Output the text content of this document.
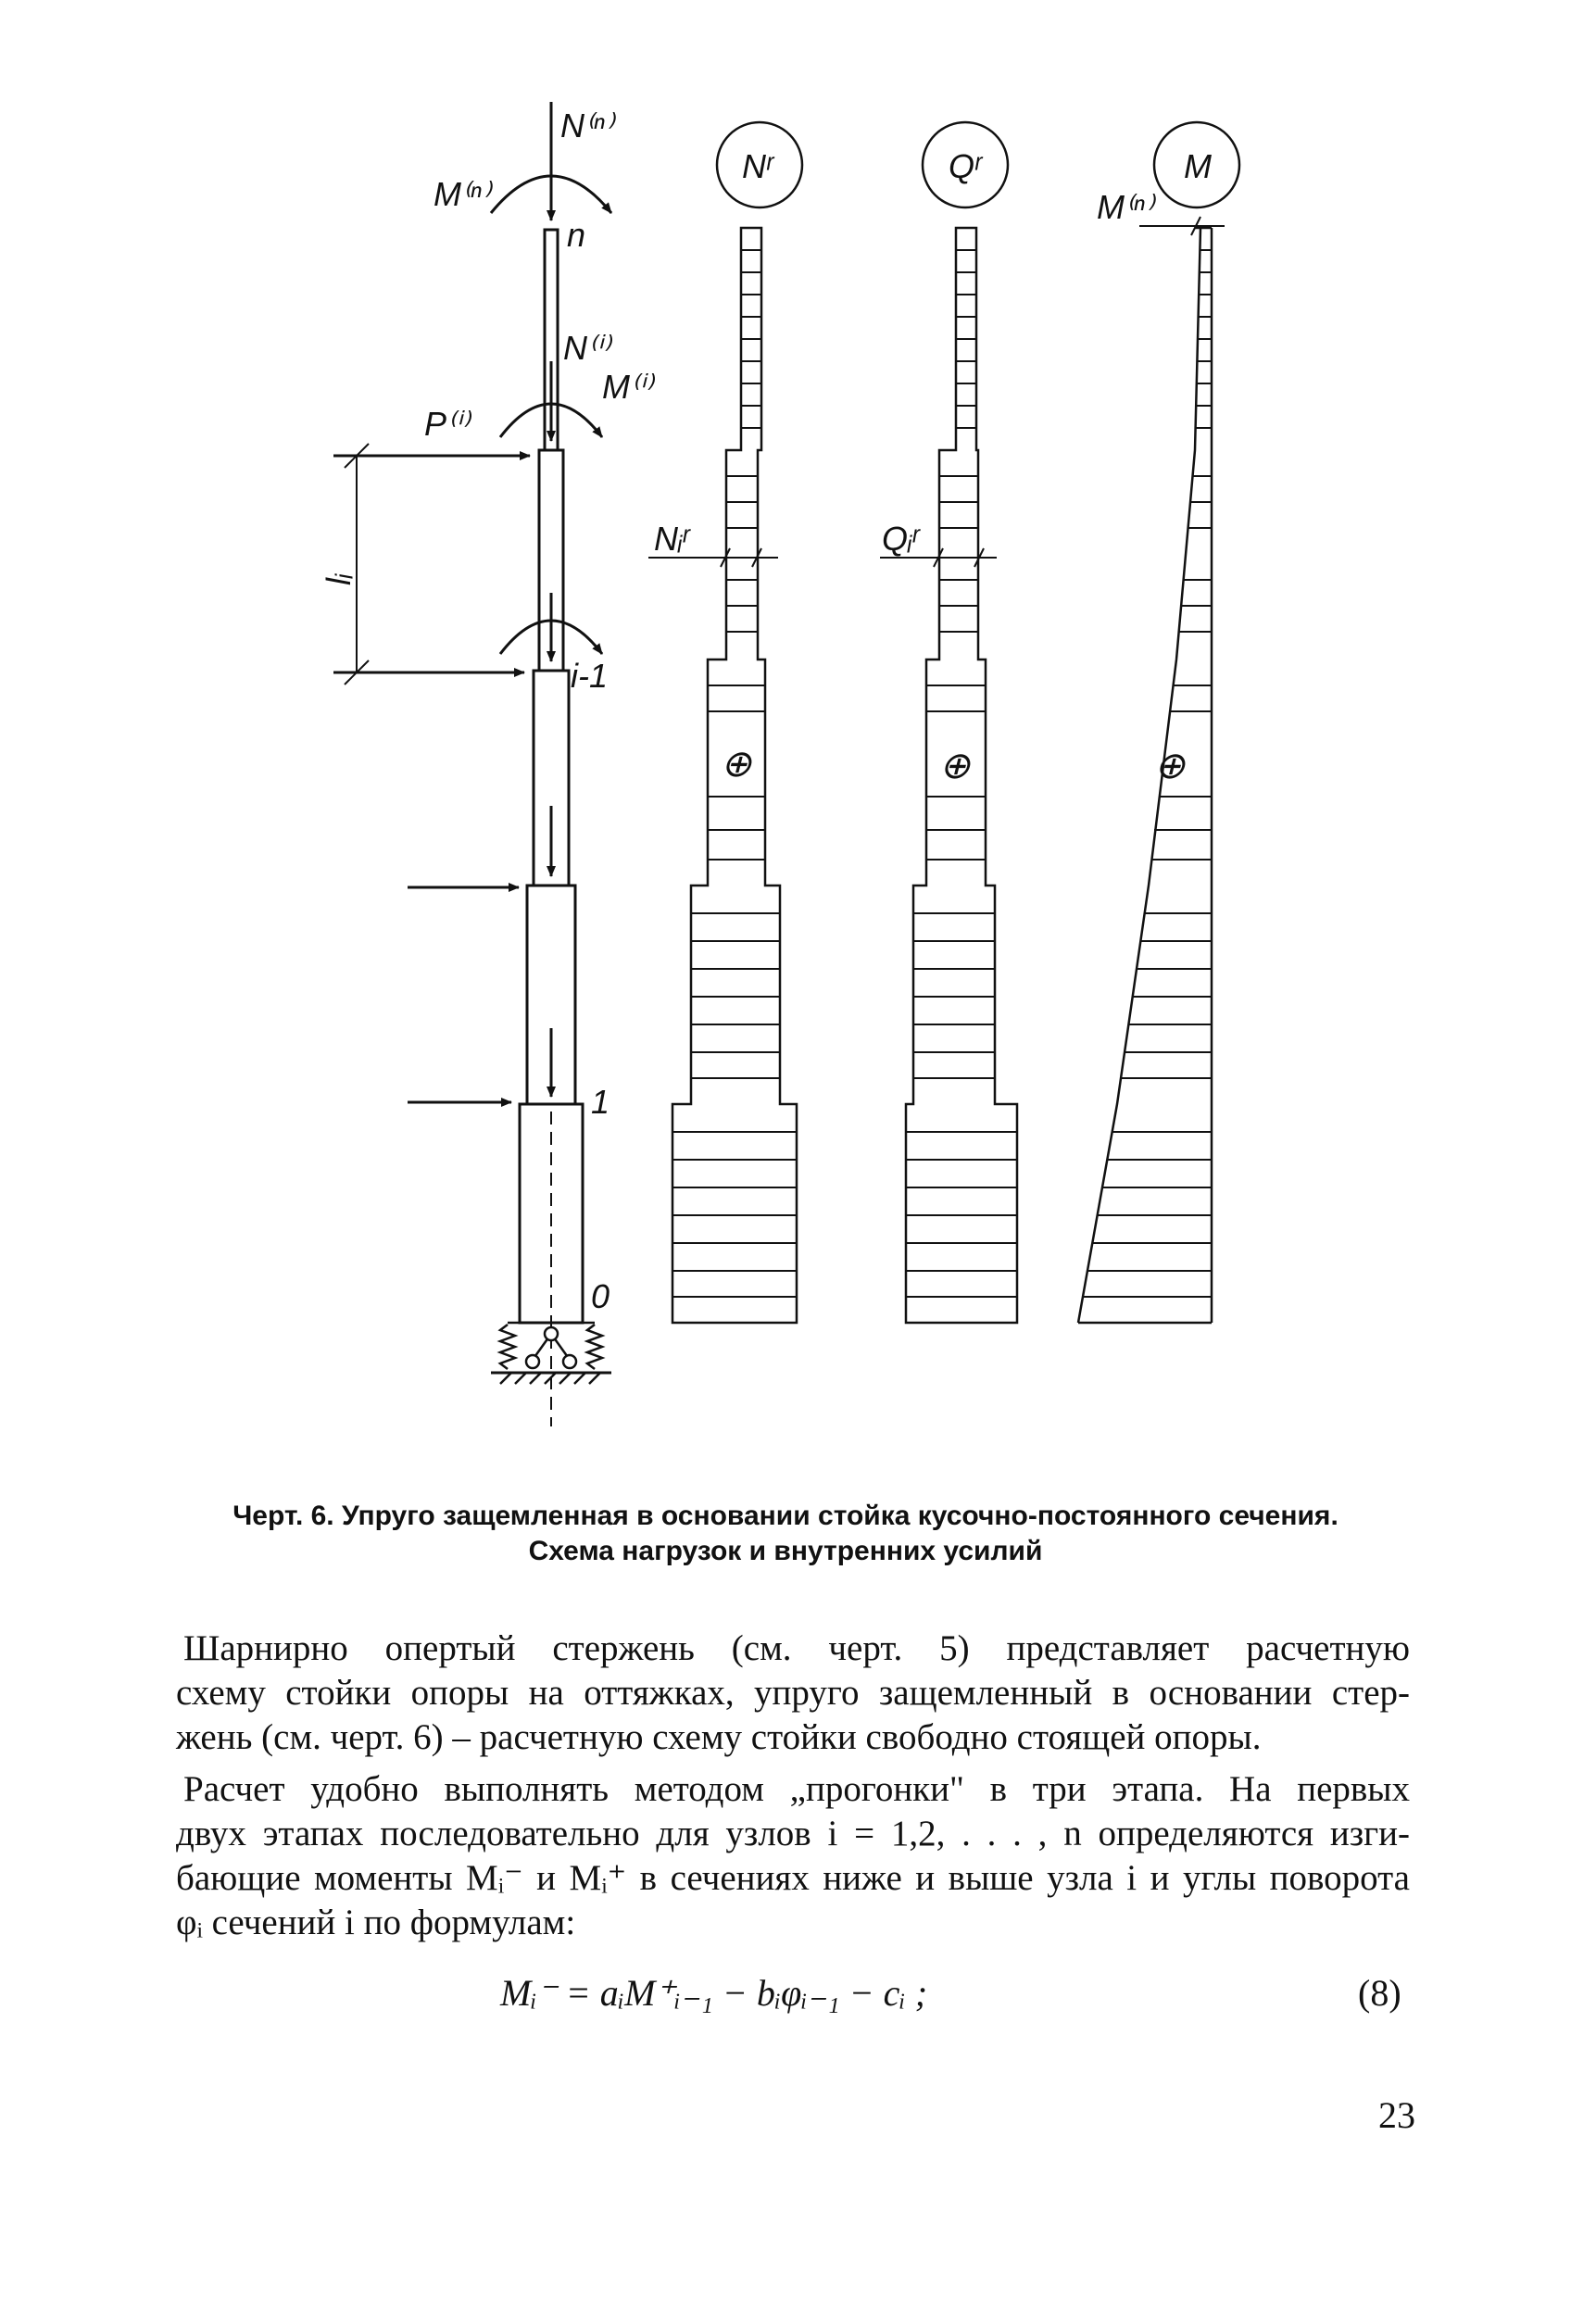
N⁽ⁿ⁾
M⁽ⁿ⁾
n
N⁽ⁱ⁾
M⁽ⁱ⁾
P⁽ⁱ⁾
lᵢ
i-1
1
0
Nʳ
Nᵢʳ
⊕
Qʳ
Qᵢʳ
⊕
M
M⁽ⁿ⁾
⊕
Черт. 6. Упруго защемленная в основании стойка кусочно-постоянного сечения.
Схема нагрузок и внутренних усилий
Шарнирно опертый стержень (см. черт. 5) представляет расчетную
схему стойки опоры на оттяжках, упруго защемленный в основании стер-
жень (см. черт. 6) – расчетную схему стойки свободно стоящей опоры.
Расчет удобно выполнять методом „прогонки" в три этапа. На первых
двух этапах последовательно для узлов i = 1,2, . . . , n определяются изги-
бающие моменты Mᵢ⁻ и Mᵢ⁺ в сечениях ниже и выше узла i и углы поворота
φᵢ сечений i по формулам:
Mᵢ⁻ = aᵢM⁺ᵢ₋₁ − bᵢφᵢ₋₁ − cᵢ ;	(8)
23
